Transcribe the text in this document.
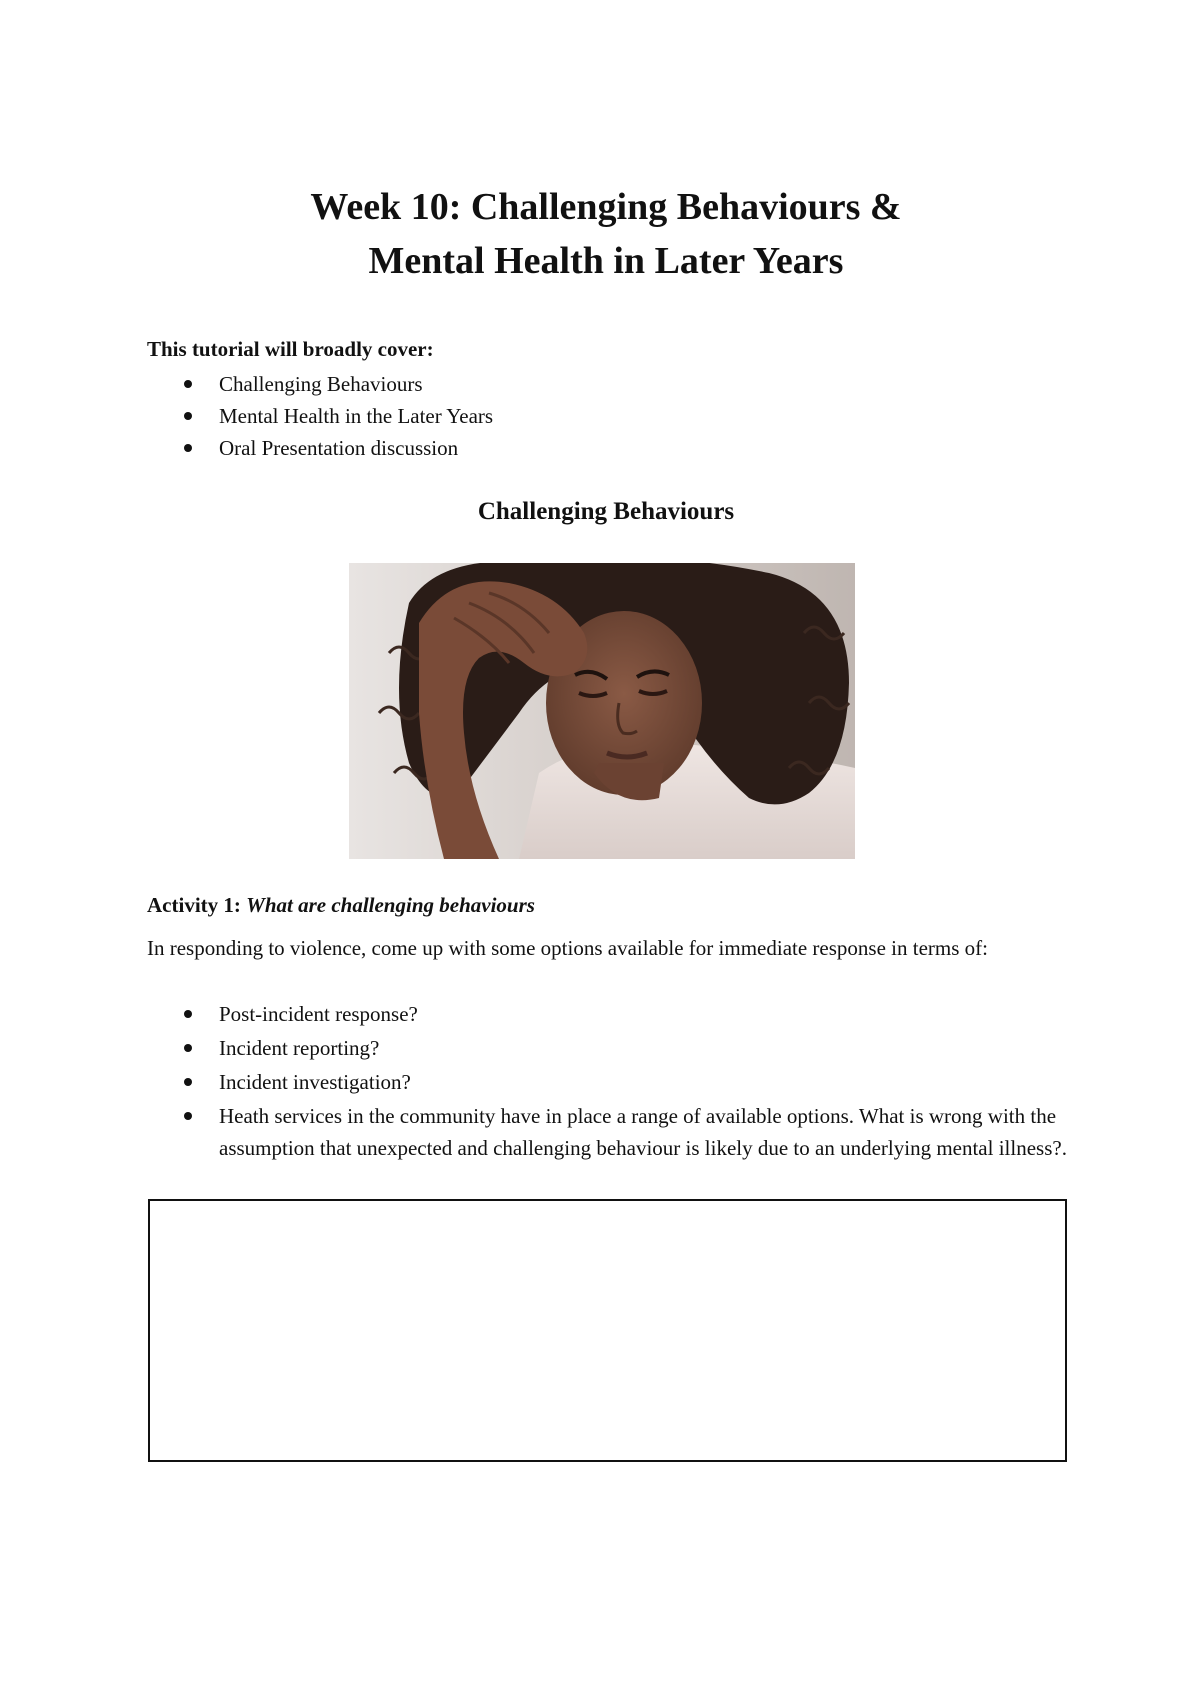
Week 10: Challenging Behaviours &
Mental Health in Later Years

This tutorial will broadly cover:

Challenging Behaviours
Mental Health in the Later Years
Oral Presentation discussion
Challenging Behaviours

Activity 1: What are challenging behaviours

In responding to violence, come up with some options available for immediate response in terms of:

Post-incident response?
Incident reporting?
Incident investigation?
Heath services in the community have in place a range of available options. What is wrong with the assumption that unexpected and challenging behaviour is likely due to an underlying mental illness?.
